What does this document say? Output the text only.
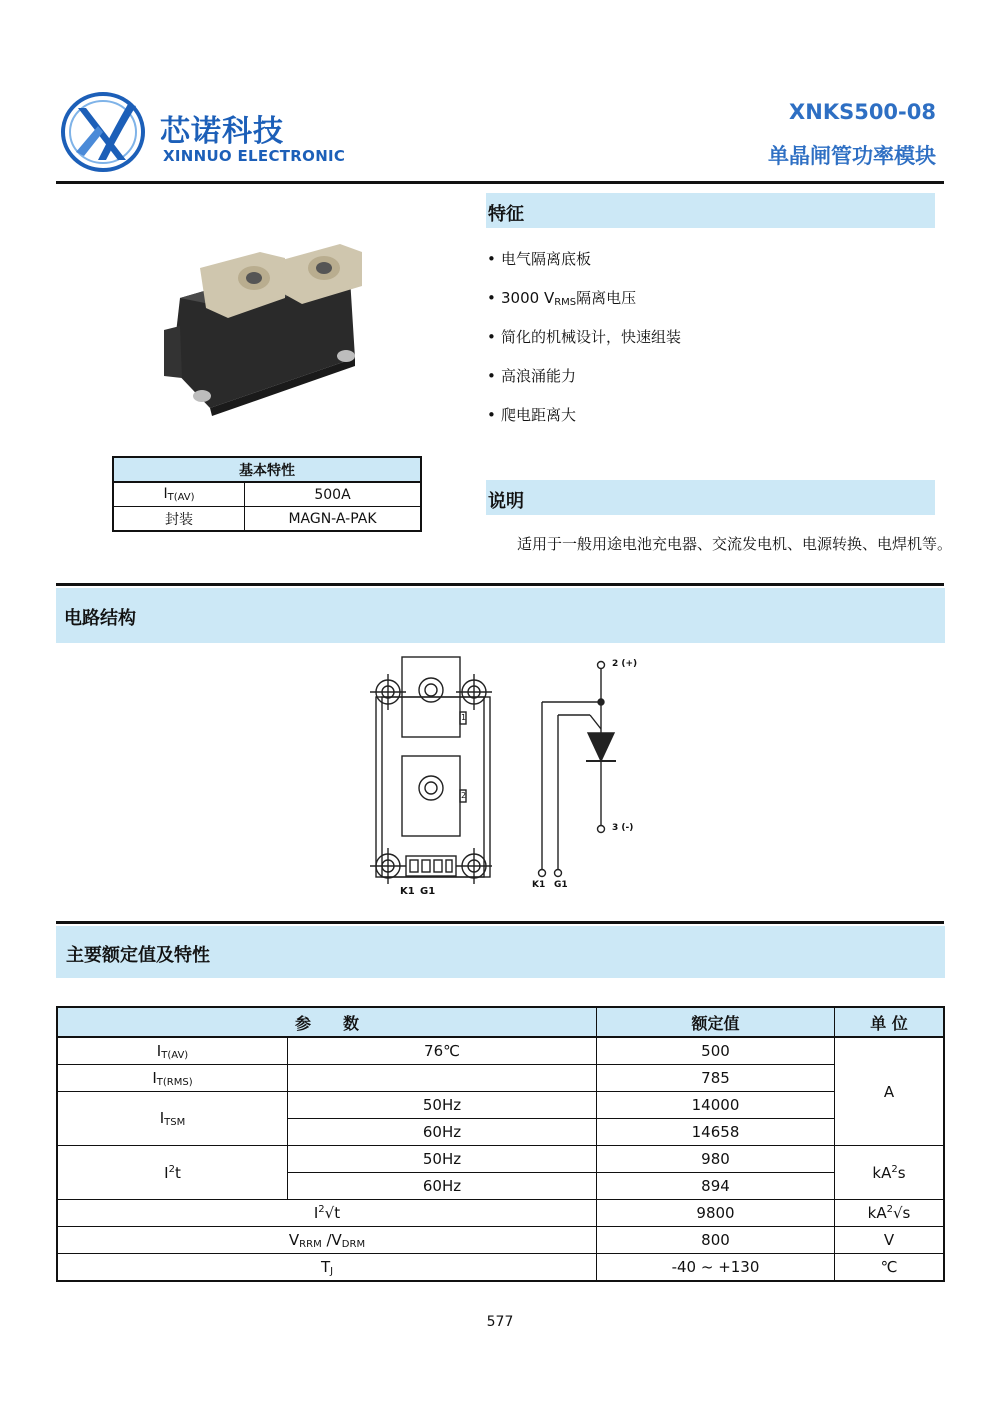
芯诺科技
XINNUO ELECTRONIC
XNKS500-08
单晶闸管功率模块
基本特性	
$I_{T(AV)}$	500A
封装	MAGN-A-PAK
特征
• 电气隔离底板
• 3000 $V_{RMS}$隔离电压
• 简化的机械设计，快速组装
• 高浪涌能力
• 爬电距离大
说明
适用于一般用途电池充电器、交流发电机、电源转换、电焊机等。
电路结构
1
2
K1 G1
2 (+)
3 (-)
K1 G1
主要额定值及特性
参　　数		额定值	单 位
$I_{T(AV)}$	76℃	500	A
$I_{T(RMS)}$		785	
$I_{TSM}$	50Hz	14000	
	60Hz	14658	
$I^2t$	50Hz	980	$kA^2s$
	60Hz	894	
$I^2√t$		9800	$kA^2√s$
$V_{RRM}$ $/V_{DRM}$		800	V
$T_J$		-40 ~ +130	℃
577
